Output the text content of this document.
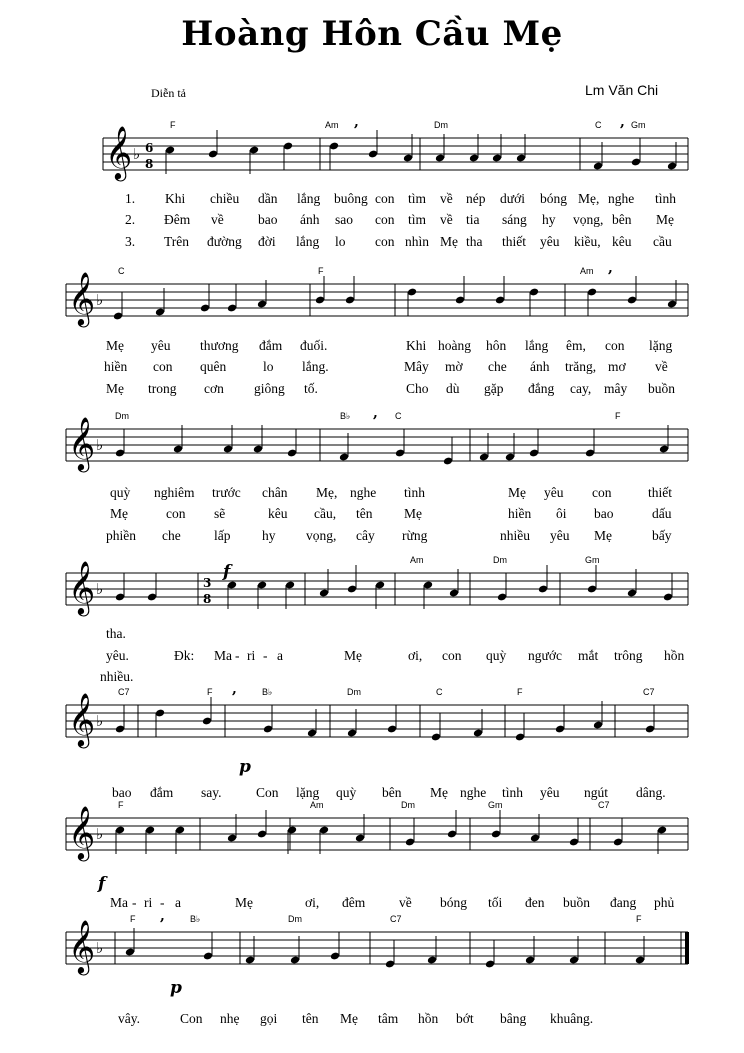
Hoàng Hôn Cầu Mẹ
Diễn tả	Lm Văn Chi
𝄞 ♭ 6
8
F	Am	Dm	C	Gm
,	,
1. Khi chiều dần lắng buông con tìm về nép dưới bóng Mẹ, nghe tình
2. Đêm về	bao ánh sao con tìm về tia sáng hy vọng, bên Mẹ
3. Trên đường đời lắng lo con nhìn Mẹ tha thiết yêu kiều, kêu cầu
𝄞 ♭
C	F	Am ,
Mẹ yêu thương đắm đuối.	Khi hoàng hôn lắng êm, con lặng
hiền con quên	lo lắng.	Mây mờ che ánh trăng, mơ về
Mẹ trong cơn giông tố.	Cho dù gặp đắng cay, mây buồn
𝄞 ♭
Dm	B♭	C	F
,
quỳ nghiêm trước chân Mẹ, nghe tình	Mẹ yêu con	thiết
Mẹ	con sẽ	kêu cầu, tên Mẹ	hiền ôi bao	dấu
phiền che lấp hy vọng, cây rừng	nhiều yêu Mẹ	bấy
𝄞 ♭	3
8
Am	Dm	Gm
f
tha.
yêu.	Đk: Ma - ri - a	Mẹ	ơi, con quỳ ngước mắt trông hồn
nhiều.
𝄞 ♭
C7	F	B♭	Dm	C	F	C7
,
p
bao đắm say.	Con lặng quỳ bên Mẹ nghe tình yêu ngút dâng.
𝄞 ♭
F	Am	Dm	Gm	C7
f
Ma - ri - a	Mẹ	ơi, đêm	về bóng tối đen buồn đang phủ
𝄞 ♭
F	B♭	Dm	C7	F
,
p
vây.	Con nhẹ gọi tên Mẹ tâm hồn bớt bâng khuâng.
